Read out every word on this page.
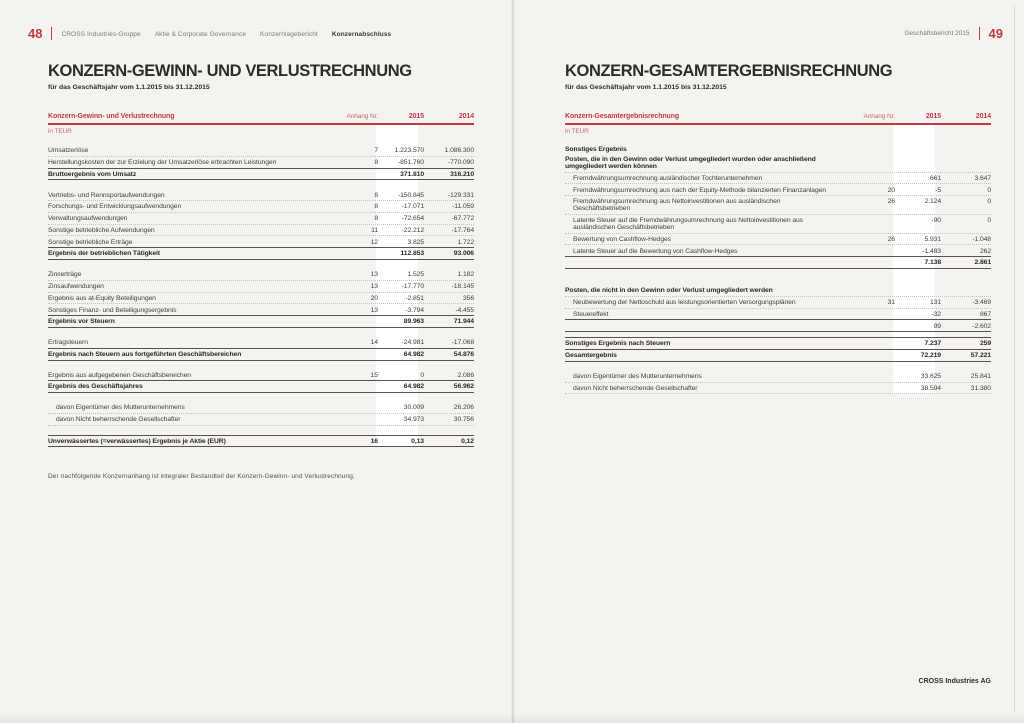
48	CROSS Industries-Gruppe Aktie & Corporate Governance Konzernlagebericht Konzernabschluss
KONZERN-GEWINN- UND VERLUSTRECHNUNG
für das Geschäftsjahr vom 1.1.2015 bis 31.12.2015
Konzern-Gewinn- und Verlustrechnung	Anhang Nr.	2015	2014
in TEUR
Umsatzerlöse	7	1.223.570	1.086.300
Herstellungskosten der zur Erzielung der Umsatzerlöse erbrachten Leistungen	8	-851.760	-770.090
Bruttoergebnis vom Umsatz	371.810	316.210
Vertriebs- und Rennsportaufwendungen	8	-150.845	-129.331
Forschungs- und Entwicklungsaufwendungen	8	-17.071	-11.059
Verwaltungsaufwendungen	8	-72.654	-67.772
Sonstige betriebliche Aufwendungen	11	-22.212	-17.764
Sonstige betriebliche Erträge	12	3.825	1.722
Ergebnis der betrieblichen Tätigkeit	112.853	93.006
Zinserträge	13	1.525	1.182
Zinsaufwendungen	13	-17.770	-18.145
Ergebnis aus at-Equity Beteiligungen	20	-2.851	356
Sonstiges Finanz- und Beteiligungsergebnis	13	-3.794	-4.455
Ergebnis vor Steuern	89.963	71.944
Ertragsteuern	14	-24.981	-17.068
Ergebnis nach Steuern aus fortgeführten Geschäftsbereichen	64.982	54.876
Ergebnis aus aufgegebenen Geschäftsbereichen	15	0	2.086
Ergebnis des Geschäftsjahres	64.982	56.962
davon Eigentümer des Mutterunternehmens	30.009	26.206
davon Nicht beherrschende Gesellschafter	34.973	30.756
Unverwässertes (=verwässertes) Ergebnis je Aktie (EUR)	16	0,13	0,12

Der nachfolgende Konzernanhang ist integraler Bestandteil der Konzern-Gewinn- und Verlustrechnung.

Geschäftsbericht 2015 49
KONZERN-GESAMTERGEBNISRECHNUNG
für das Geschäftsjahr vom 1.1.2015 bis 31.12.2015
Konzern-Gesamtergebnisrechnung	Anhang Nr.	2015	2014
in TEUR
Sonstiges Ergebnis
Posten, die in den Gewinn oder Verlust umgegliedert wurden oder anschließend umgegliedert werden können
Fremdwährungsumrechnung ausländischer Tochterunternehmen	661	3.647
Fremdwährungsumrechnung aus nach der Equity-Methode bilanzierten Finanzanlagen	20	-5	0
Fremdwährungsumrechnung aus Nettoinvestitionen aus ausländischen Geschäftsbetrieben
26	2.124	0
Latente Steuer auf die Fremdwährungsumrechnung aus Nettoinvestitionen aus ausländischen Geschäftsbetrieben
-90	0
Bewertung von Cashflow-Hedges	26	5.931	-1.048
Latente Steuer auf die Bewertung von Cashflow-Hedges	-1.483	262
7.138	2.861
Posten, die nicht in den Gewinn oder Verlust umgegliedert werden
Neubewertung der Nettoschuld aus leistungsorientierten Versorgungsplänen	31	131	-3.469
Steuereffekt	-32	867
99	-2.602
Sonstiges Ergebnis nach Steuern	7.237	259
Gesamtergebnis	72.219	57.221
davon Eigentümer des Mutterunternehmens	33.625	25.841
davon Nicht beherrschende Gesellschafter	38.594	31.380

CROSS Industries AG
